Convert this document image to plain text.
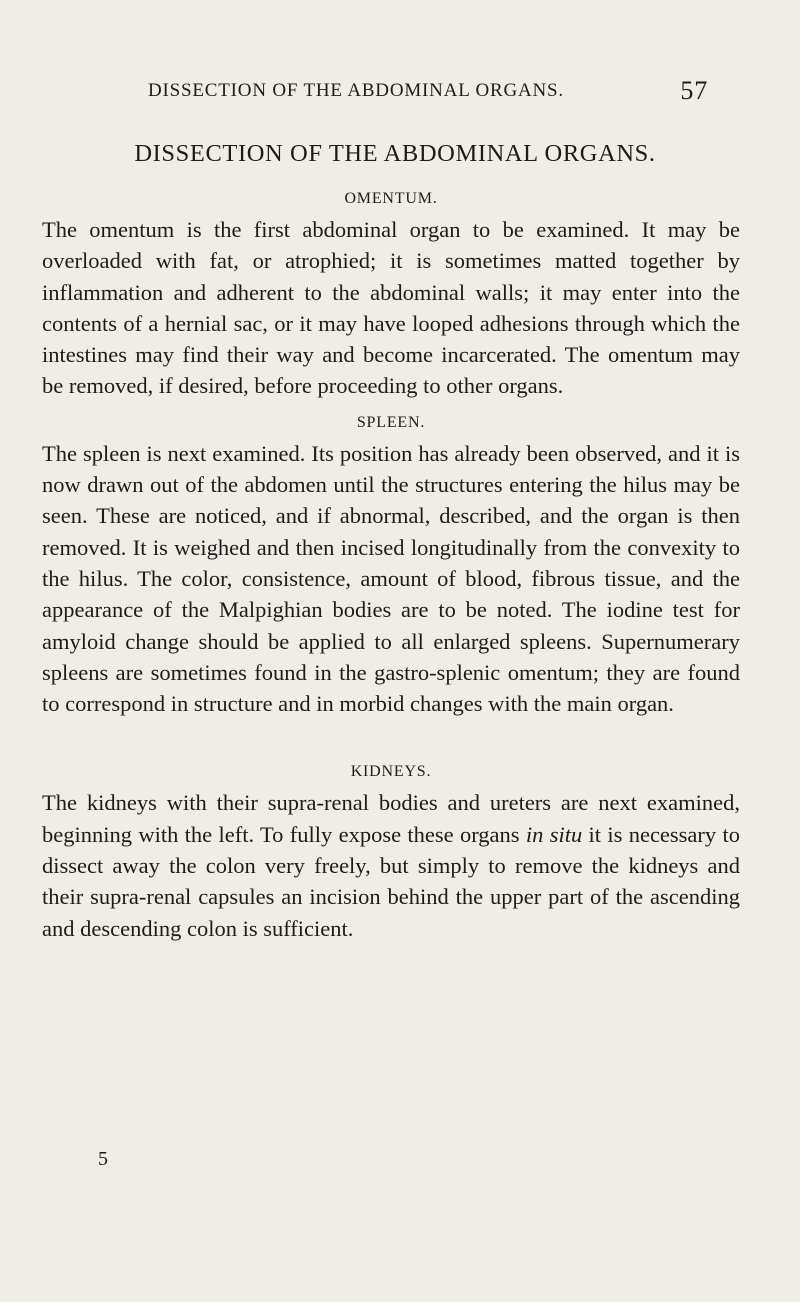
DISSECTION OF THE ABDOMINAL ORGANS.	57
DISSECTION OF THE ABDOMINAL ORGANS.
OMENTUM.

The omentum is the first abdominal organ to be examined. It may be overloaded with fat, or atrophied; it is sometimes matted together by inflammation and adherent to the abdominal walls; it may enter into the contents of a hernial sac, or it may have looped adhesions through which the intestines may find their way and become incarcerated. The omentum may be removed, if desired, before proceeding to other organs.

SPLEEN.

The spleen is next examined. Its position has already been observed, and it is now drawn out of the abdomen until the structures entering the hilus may be seen. These are noticed, and if abnormal, described, and the organ is then removed. It is weighed and then incised longitudinally from the convexity to the hilus. The color, consistence, amount of blood, fibrous tissue, and the appearance of the Malpighian bodies are to be noted. The iodine test for amyloid change should be applied to all enlarged spleens. Supernumerary spleens are sometimes found in the gastro-splenic omentum; they are found to correspond in structure and in morbid changes with the main organ.

KIDNEYS.

The kidneys with their supra-renal bodies and ureters are next examined, beginning with the left. To fully expose these organs in situ it is necessary to dissect away the colon very freely, but simply to remove the kidneys and their supra-renal capsules an incision behind the upper part of the ascending and descending colon is sufficient.

5
